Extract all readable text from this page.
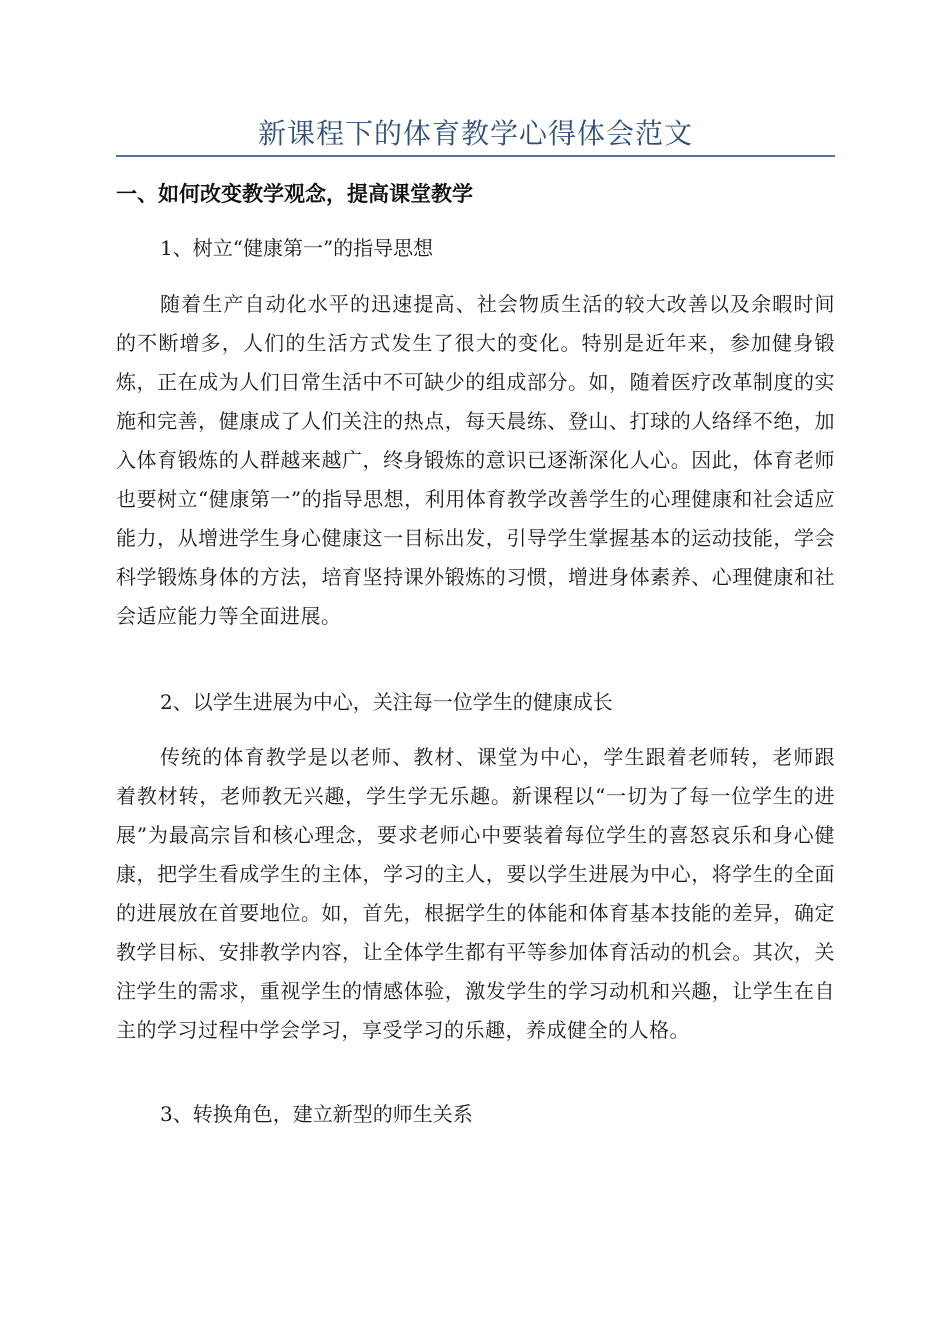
新课程下的体育教学心得体会范文
一、如何改变教学观念，提高课堂教学
1、树立“健康第一”的指导思想
随着生产自动化水平的迅速提高、社会物质生活的较大改善以及余暇时间的不断增多，人们的生活方式发生了很大的变化。特别是近年来，参加健身锻炼，正在成为人们日常生活中不可缺少的组成部分。如，随着医疗改革制度的实施和完善，健康成了人们关注的热点，每天晨练、登山、打球的人络绎不绝，加入体育锻炼的人群越来越广，终身锻炼的意识已逐渐深化人心。因此，体育老师也要树立“健康第一”的指导思想，利用体育教学改善学生的心理健康和社会适应能力，从增进学生身心健康这一目标出发，引导学生掌握基本的运动技能，学会科学锻炼身体的方法，培育坚持课外锻炼的习惯，增进身体素养、心理健康和社会适应能力等全面进展。
2、以学生进展为中心，关注每一位学生的健康成长
传统的体育教学是以老师、教材、课堂为中心，学生跟着老师转，老师跟着教材转，老师教无兴趣，学生学无乐趣。新课程以“一切为了每一位学生的进展”为最高宗旨和核心理念，要求老师心中要装着每位学生的喜怒哀乐和身心健康，把学生看成学生的主体，学习的主人，要以学生进展为中心，将学生的全面的进展放在首要地位。如，首先，根据学生的体能和体育基本技能的差异，确定教学目标、安排教学内容，让全体学生都有平等参加体育活动的机会。其次，关注学生的需求，重视学生的情感体验，激发学生的学习动机和兴趣，让学生在自主的学习过程中学会学习，享受学习的乐趣，养成健全的人格。
3、转换角色，建立新型的师生关系
